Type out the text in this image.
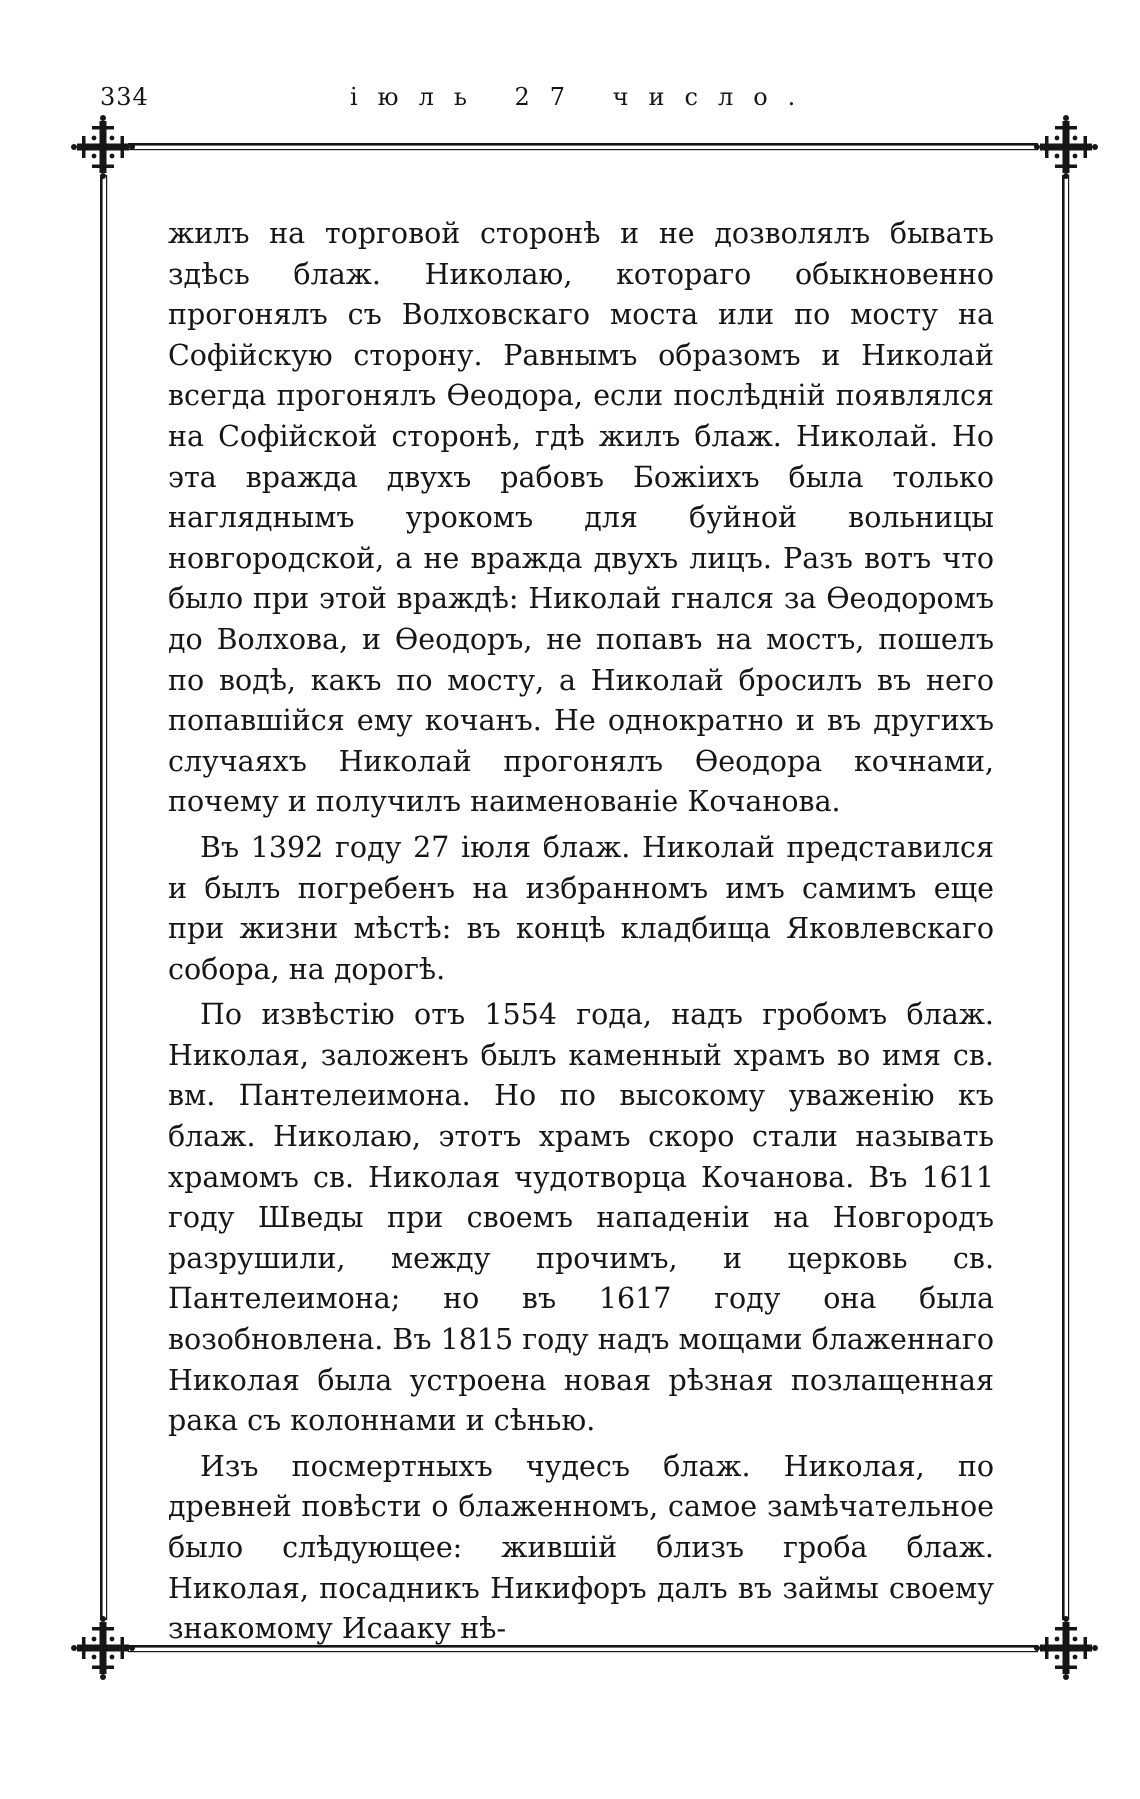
334	іюль 27 число.

жилъ на торговой сторонѣ и не дозволялъ бывать здѣсь блаж. Николаю, котораго обыкновенно прогонялъ съ Волховскаго моста или по мосту на Софійскую сторону. Равнымъ образомъ и Николай всегда прогонялъ Ѳеодора, если послѣдній появлялся на Софійской сторонѣ, гдѣ жилъ блаж. Николай. Но эта вражда двухъ рабовъ Божіихъ была только нагляднымъ урокомъ для буйной вольницы новгородской, а не вражда двухъ лицъ. Разъ вотъ что было при этой враждѣ: Николай гнался за Ѳеодоромъ до Волхова, и Ѳеодоръ, не попавъ на мостъ, пошелъ по водѣ, какъ по мосту, а Николай бросилъ въ него попавшійся ему кочанъ. Не однократно и въ другихъ случаяхъ Николай прогонялъ Ѳеодора кочнами, почему и получилъ наименованіе Кочанова.

Въ 1392 году 27 іюля блаж. Николай представился и былъ погребенъ на избранномъ имъ самимъ еще при жизни мѣстѣ: въ концѣ кладбища Яковлевскаго собора, на дорогѣ.

По извѣстію отъ 1554 года, надъ гробомъ блаж. Николая, заложенъ былъ каменный храмъ во имя св. вм. Пантелеимона. Но по высокому уваженію къ блаж. Николаю, этотъ храмъ скоро стали называть храмомъ св. Николая чудотворца Кочанова. Въ 1611 году Шведы при своемъ нападеніи на Новгородъ разрушили, между прочимъ, и церковь св. Пантелеимона; но въ 1617 году она была возобновлена. Въ 1815 году надъ мощами блаженнаго Николая была устроена новая рѣзная позлащенная рака съ колоннами и сѣнью.

Изъ посмертныхъ чудесъ блаж. Николая, по древней повѣсти о блаженномъ, самое замѣчательное было слѣдующее: жившій близъ гроба блаж. Николая, посадникъ Никифоръ далъ въ займы своему знакомому Исааку нѣ-
